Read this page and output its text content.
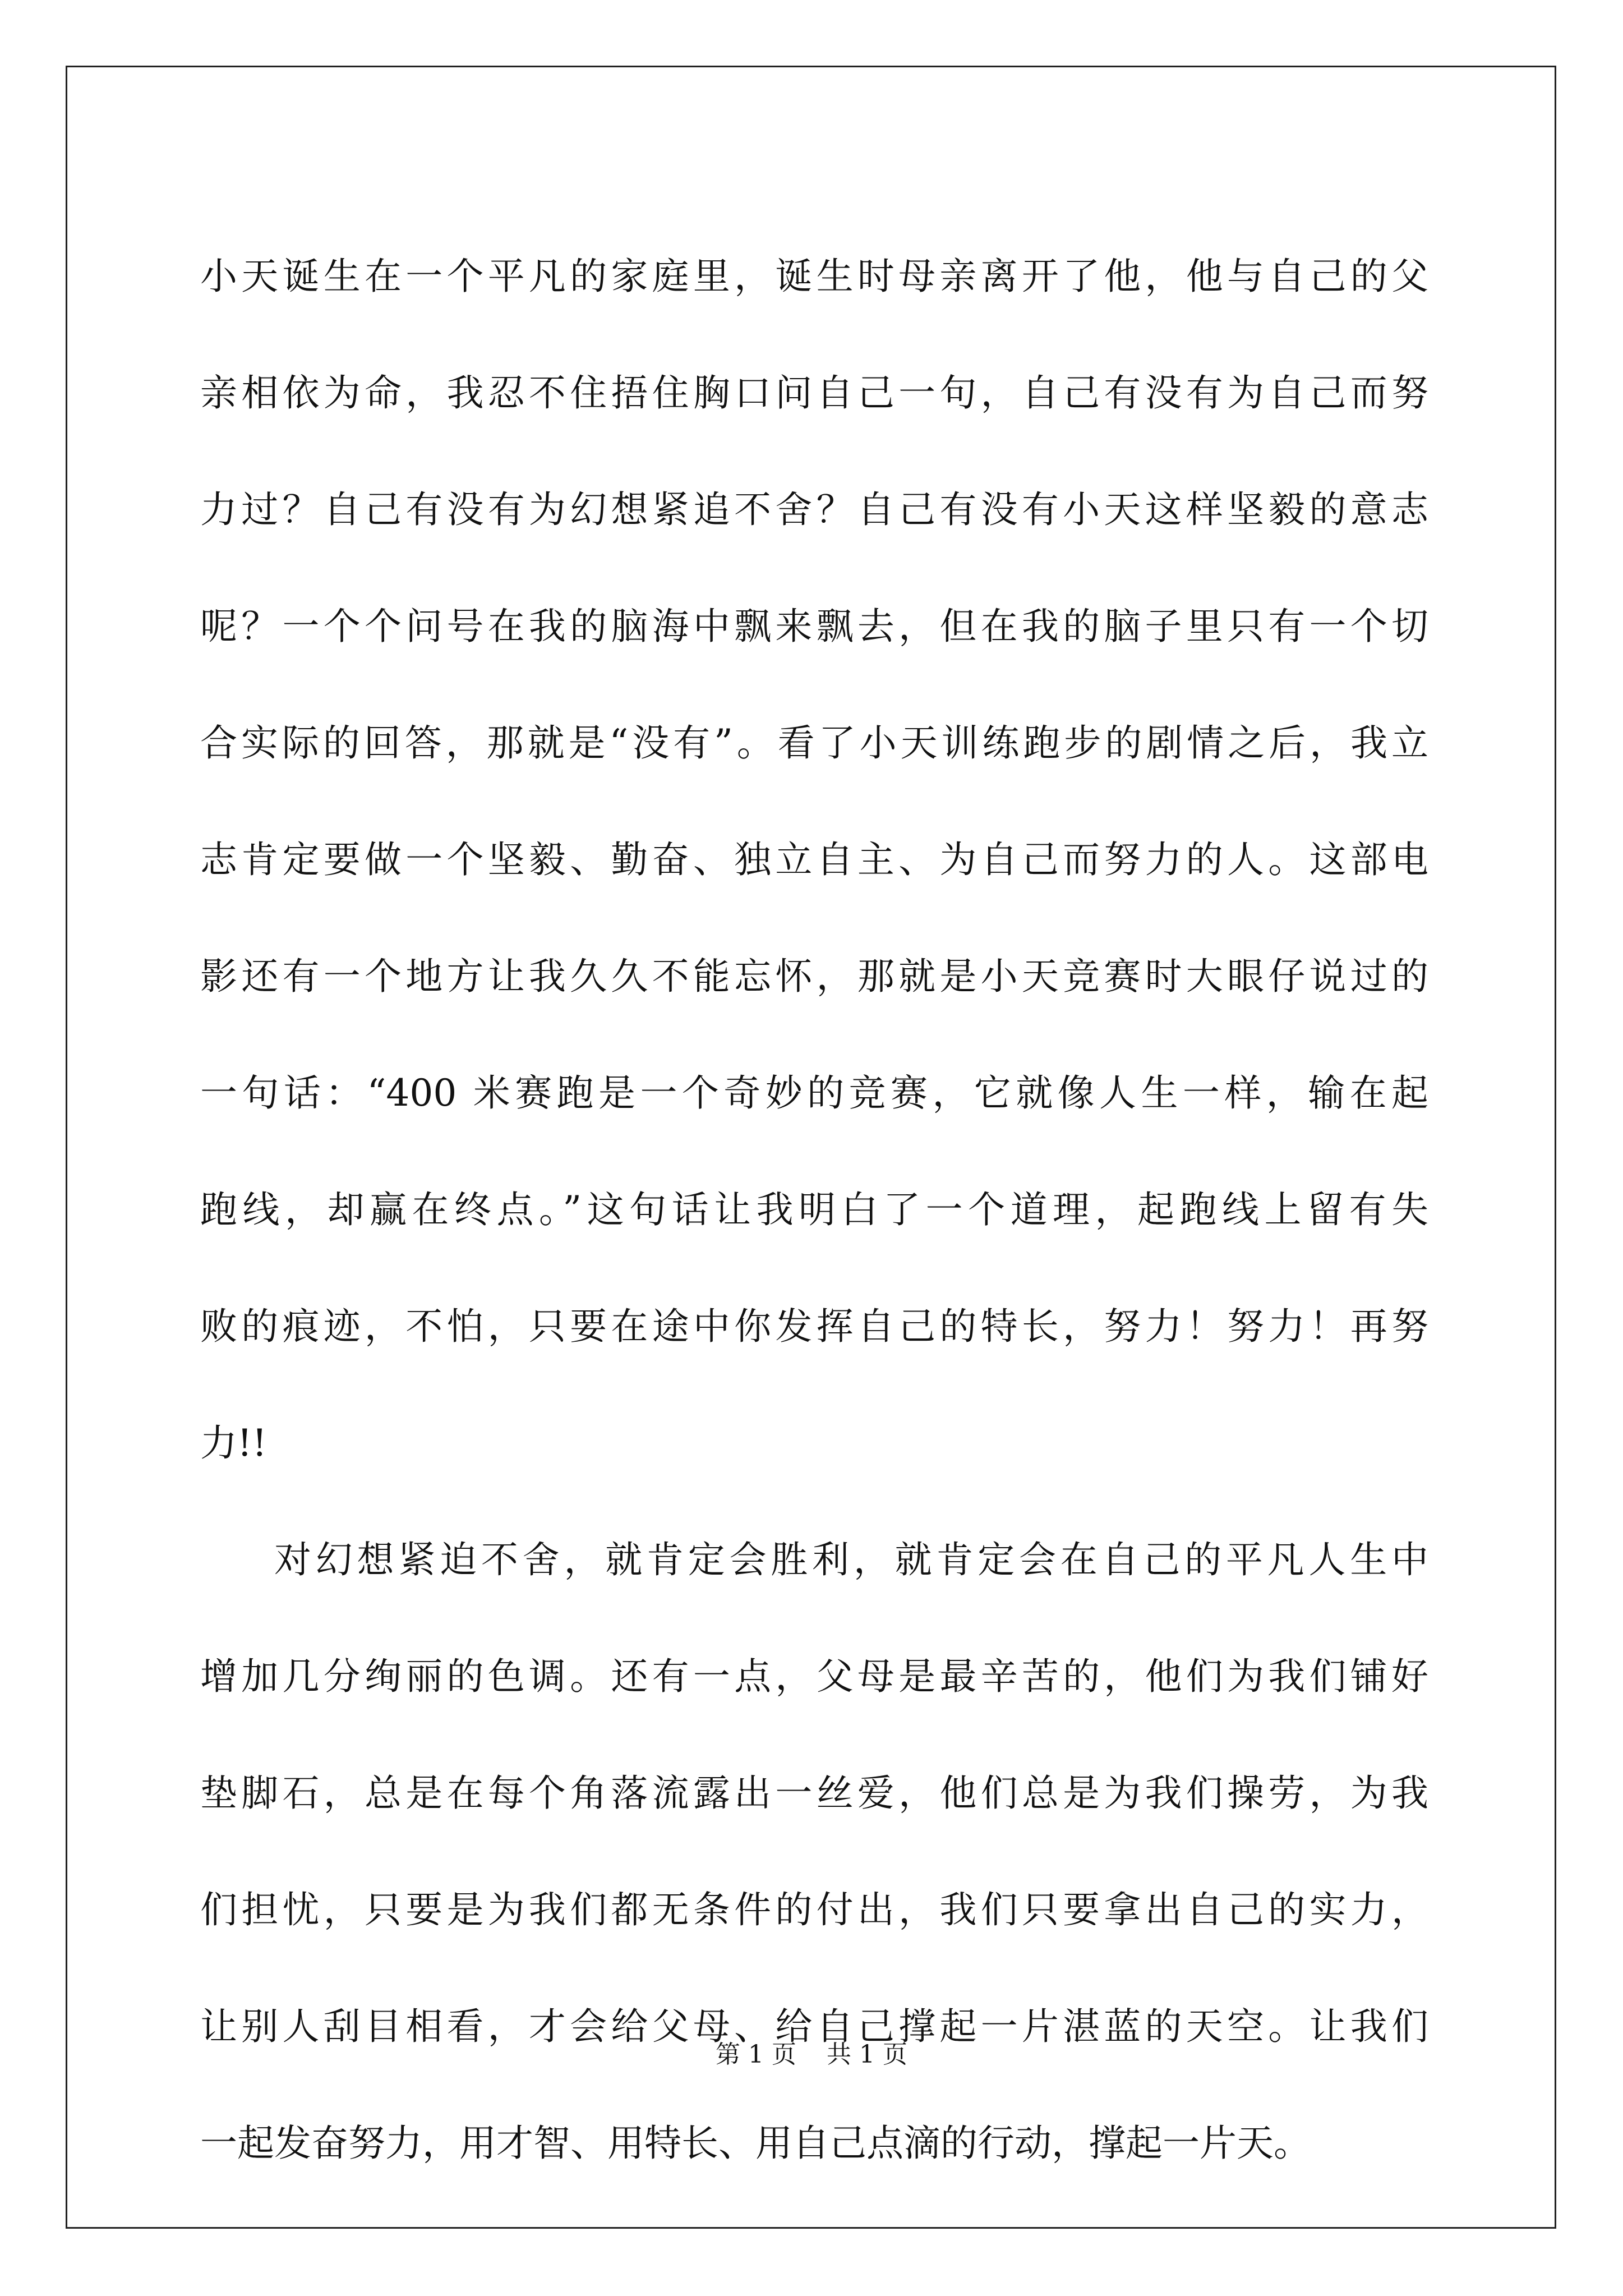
小天诞生在一个平凡的家庭里，诞生时母亲离开了他，他与自己的父
亲相依为命，我忍不住捂住胸口问自己一句，自己有没有为自己而努
力过？自己有没有为幻想紧追不舍？自己有没有小天这样坚毅的意志
呢？一个个问号在我的脑海中飘来飘去，但在我的脑子里只有一个切
合实际的回答，那就是“没有”。看了小天训练跑步的剧情之后，我立
志肯定要做一个坚毅、勤奋、独立自主、为自己而努力的人。这部电
影还有一个地方让我久久不能忘怀，那就是小天竞赛时大眼仔说过的
一句话：“400 米赛跑是一个奇妙的竞赛，它就像人生一样，输在起
跑线，却赢在终点。”这句话让我明白了一个道理，起跑线上留有失
败的痕迹，不怕，只要在途中你发挥自己的特长，努力！努力！再努
力!!
对幻想紧迫不舍，就肯定会胜利，就肯定会在自己的平凡人生中
增加几分绚丽的色调。还有一点，父母是最辛苦的，他们为我们铺好
垫脚石，总是在每个角落流露出一丝爱，他们总是为我们操劳，为我
们担忧，只要是为我们都无条件的付出，我们只要拿出自己的实力，
让别人刮目相看，才会给父母、给自己撑起一片湛蓝的天空。让我们
一起发奋努力，用才智、用特长、用自己点滴的行动，撑起一片天。
第 1 页 共 1 页
